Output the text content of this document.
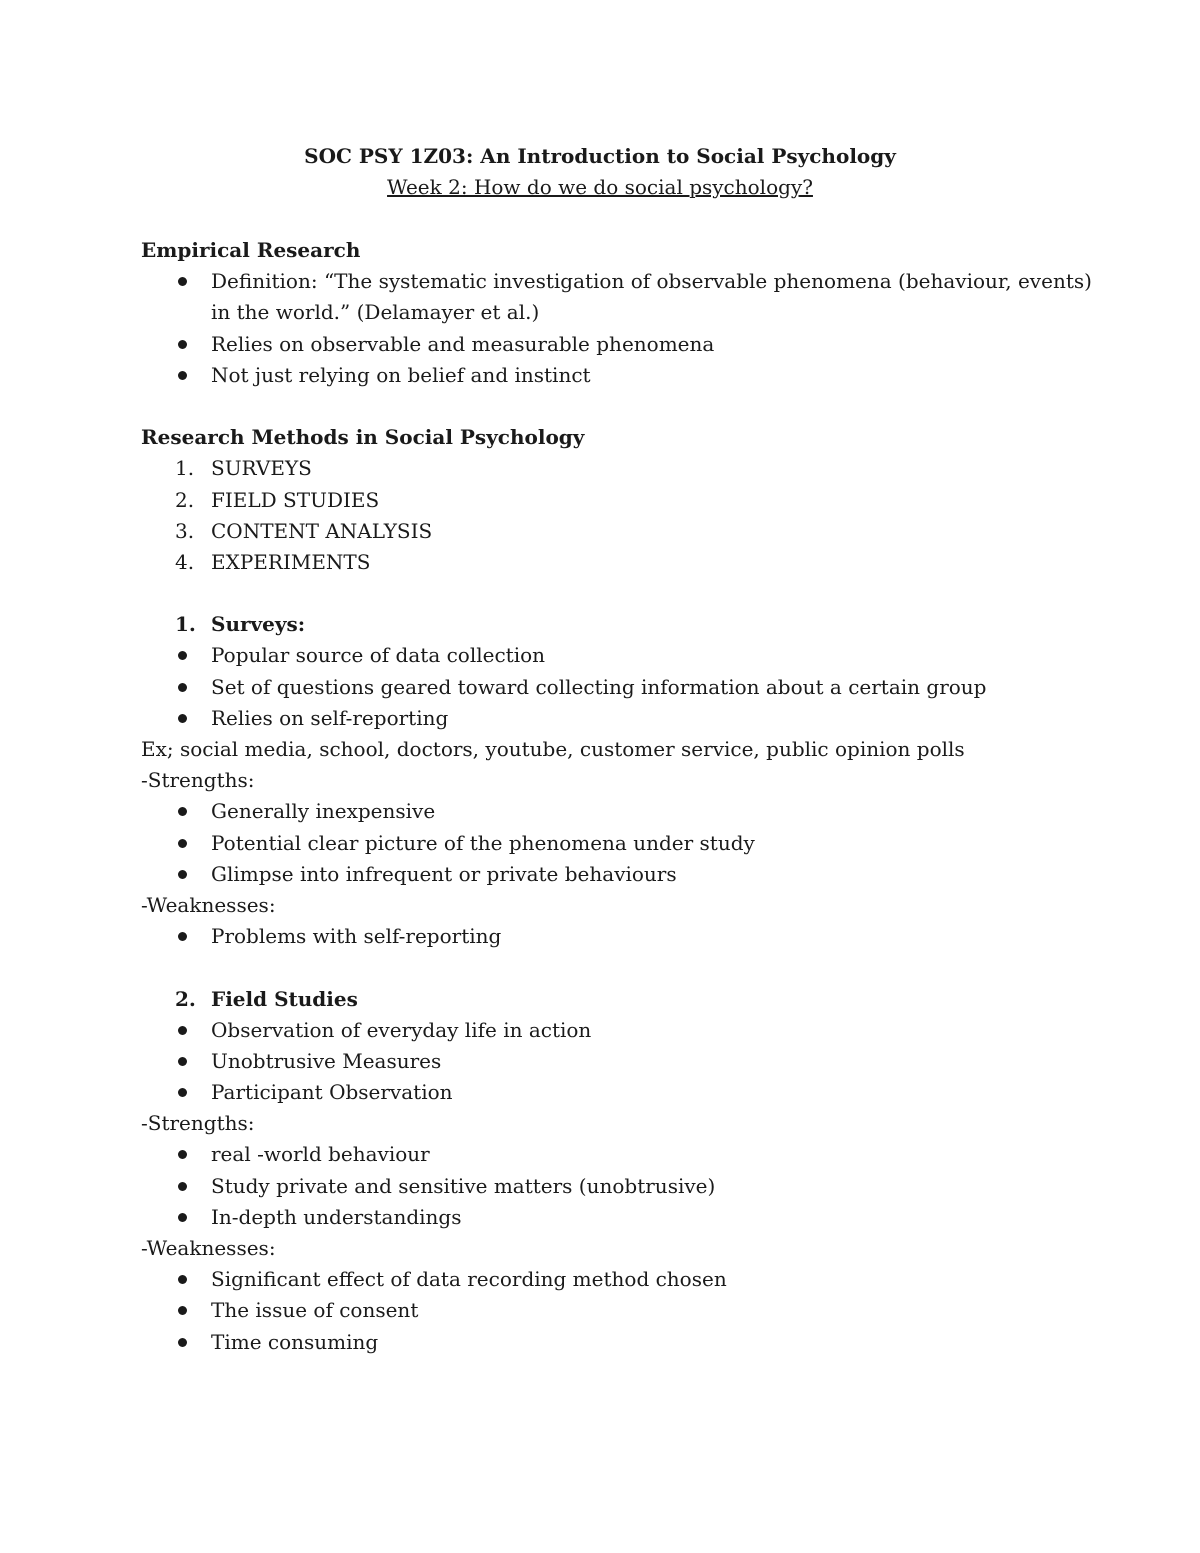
SOC PSY 1Z03: An Introduction to Social Psychology

Week 2: How do we do social psychology?

Empirical Research
Definition: “The systematic investigation of observable phenomena (behaviour, events)
in the world.” (Delamayer et al.)
Relies on observable and measurable phenomena
Not just relying on belief and instinct
Research Methods in Social Psychology
1. SURVEYS
2. FIELD STUDIES
3. CONTENT ANALYSIS
4. EXPERIMENTS
1. Surveys:
Popular source of data collection
Set of questions geared toward collecting information about a certain group
Relies on self-reporting
Ex; social media, school, doctors, youtube, customer service, public opinion polls
-Strengths:
Generally inexpensive
Potential clear picture of the phenomena under study
Glimpse into infrequent or private behaviours
-Weaknesses:
Problems with self-reporting
2. Field Studies
Observation of everyday life in action
Unobtrusive Measures
Participant Observation
-Strengths:
real -world behaviour
Study private and sensitive matters (unobtrusive)
In-depth understandings
-Weaknesses:
Significant effect of data recording method chosen
The issue of consent
Time consuming
